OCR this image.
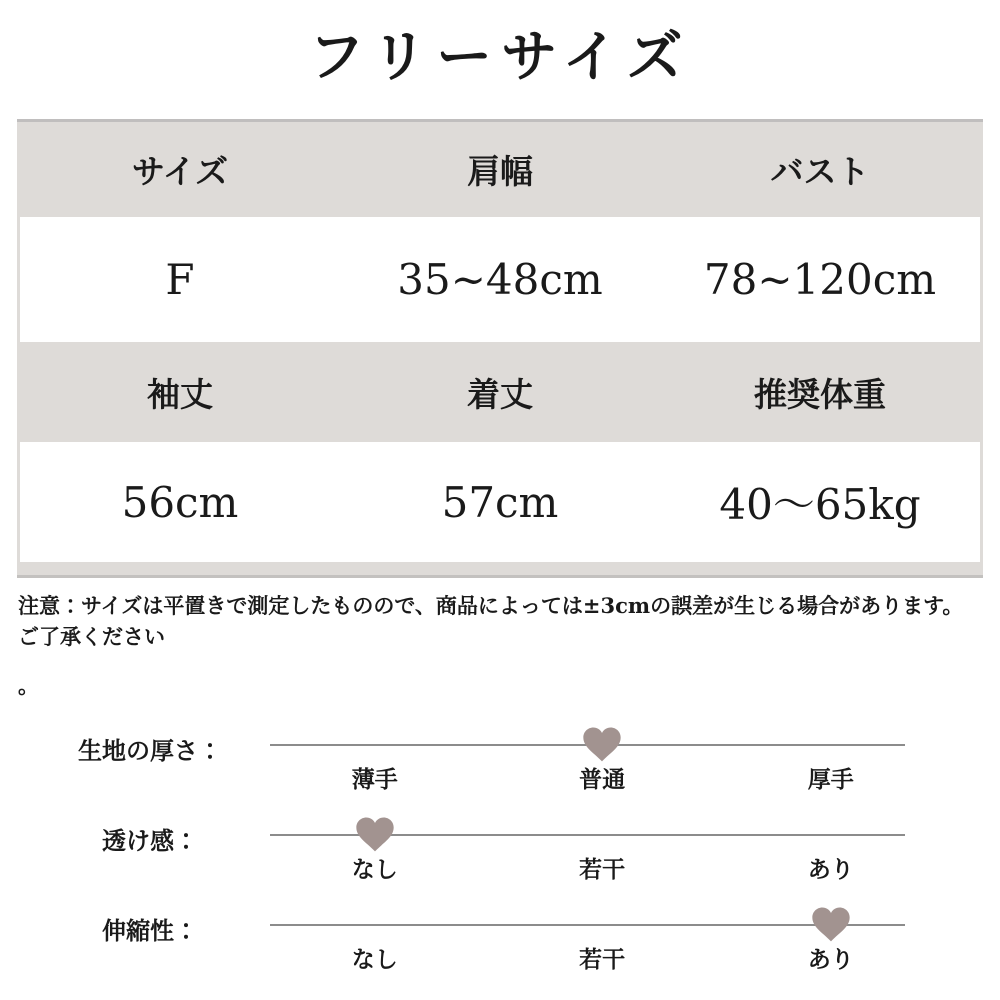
フリーサイズ
サイズ	肩幅	バスト
F	35~48cm	78~120cm
袖丈	着丈	推奨体重
56cm	57cm	40〜65kg
注意：サイズは平置きで測定したものので、商品によっては±3cmの誤差が生じる場合があります。ご了承ください
。
生地の厚さ：
薄手	普通	厚手
透け感：
なし	若干	あり
伸縮性：
なし	若干	あり
